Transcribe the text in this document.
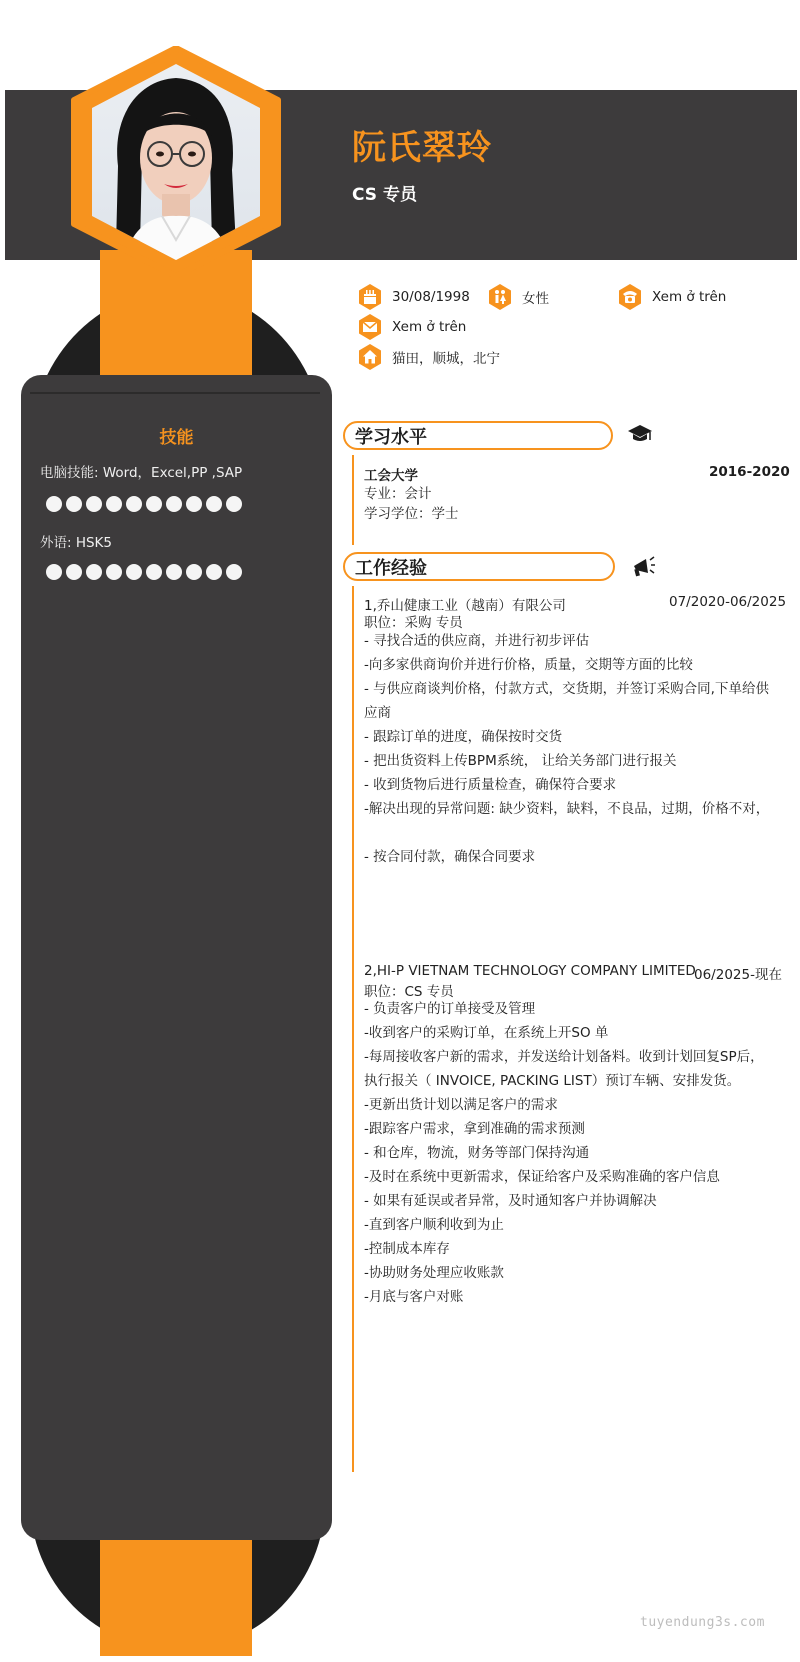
阮氏翠玲
CS 专员
30/08/1998	女性	Xem ở trên
Xem ở trên
猫田，顺城，北宁
技能
电脑技能: Word，Excel,PP ,SAP
外语: HSK5
学习水平
工会大学	2016-2020
专业：会计
学习学位：学士
工作经验
1,乔山健康工业（越南）有限公司	07/2020-06/2025
职位：采购 专员
- 寻找合适的供应商，并进行初步评估
-向多家供商询价并进行价格，质量，交期等方面的比较
- 与供应商谈判价格，付款方式，交货期，并签订采购合同,下单给供应商
- 跟踪订单的进度，确保按时交货
- 把出货资料上传BPM系统， 让给关务部门进行报关
- 收到货物后进行质量检查，确保符合要求
-解决出现的异常问题: 缺少资料，缺料，不良品，过期，价格不对，
- 按合同付款，确保合同要求
2,HI-P VIETNAM TECHNOLOGY COMPANY LIMITED
06/2025-现在
职位：CS 专员
- 负责客户的订单接受及管理
-收到客户的采购订单，在系统上开SO 单
-每周接收客户新的需求，并发送给计划备料。收到计划回复SP后，执行报关（ INVOICE, PACKING LIST）预订车辆、安排发货。
-更新出货计划以满足客户的需求
-跟踪客户需求，拿到准确的需求预测
- 和仓库，物流，财务等部门保持沟通
-及时在系统中更新需求，保证给客户及采购准确的客户信息
- 如果有延误或者异常，及时通知客户并协调解决
-直到客户顺利收到为止
-控制成本库存
-协助财务处理应收账款
-月底与客户对账
tuyendung3s.com
